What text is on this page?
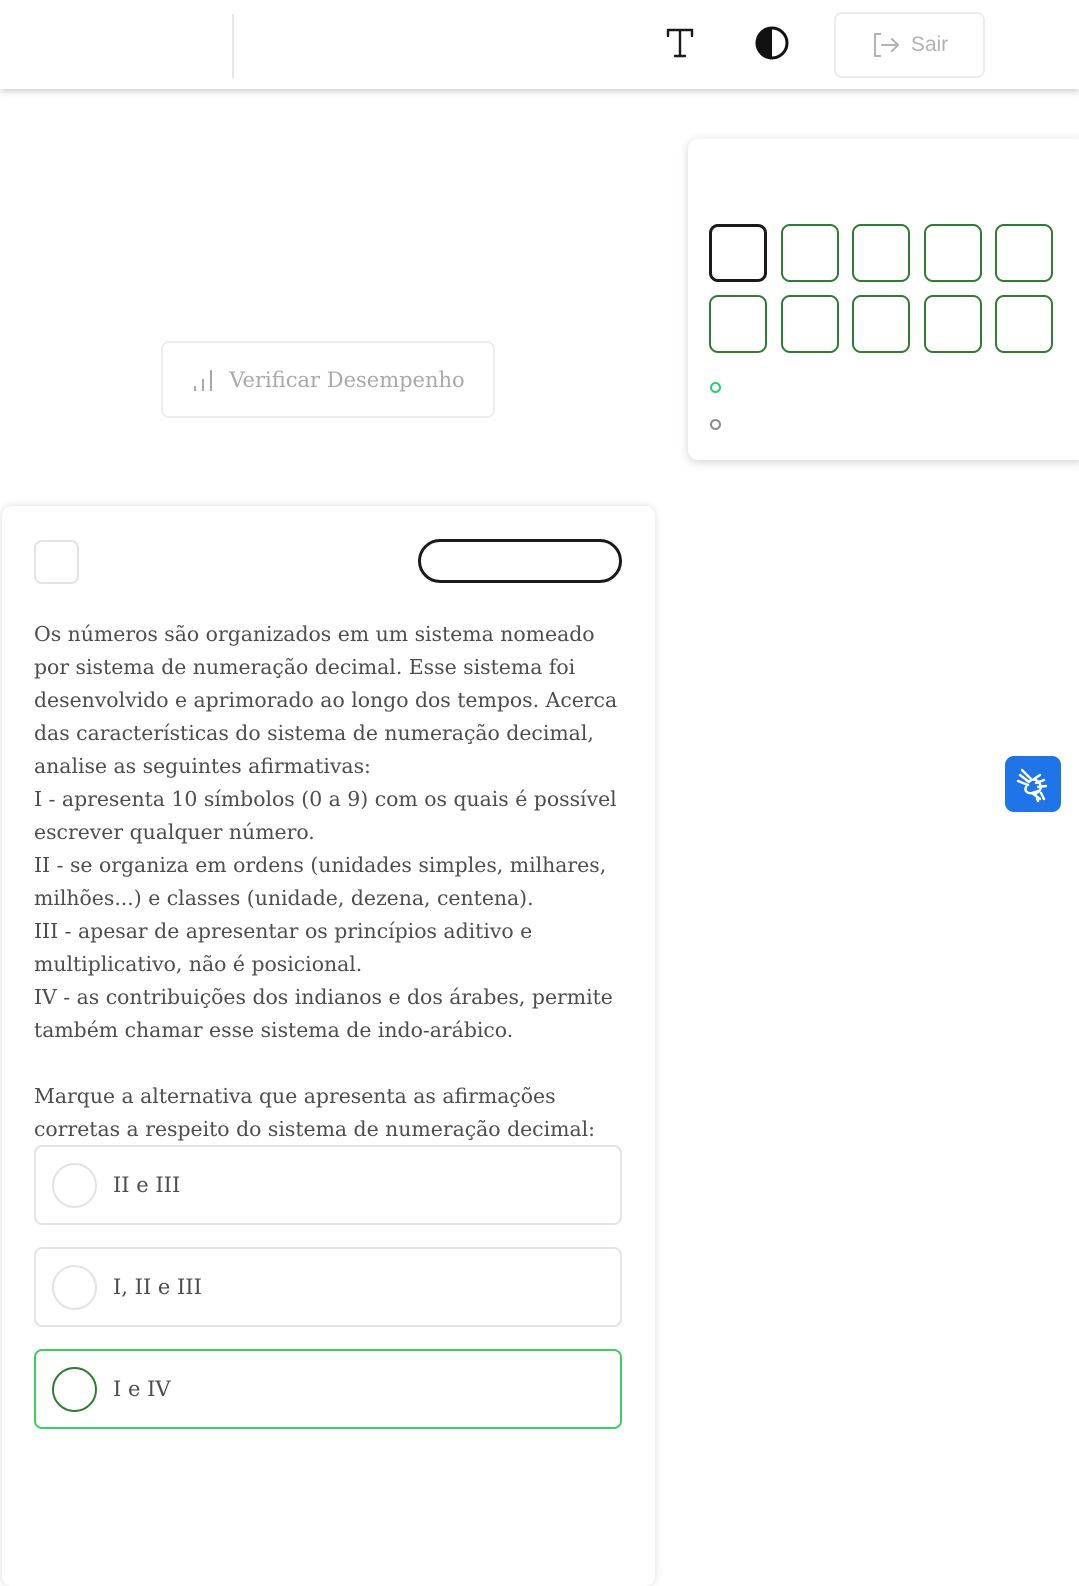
Sair
Verificar Desempenho

Os números são organizados em um sistema nomeado por sistema de numeração decimal. Esse sistema foi desenvolvido e aprimorado ao longo dos tempos. Acerca das características do sistema de numeração decimal, analise as seguintes afirmativas:

I - apresenta 10 símbolos (0 a 9) com os quais é possível escrever qualquer número.

II - se organiza em ordens (unidades simples, milhares, milhões...) e classes (unidade, dezena, centena).

III - apesar de apresentar os princípios aditivo e multiplicativo, não é posicional.

IV - as contribuições dos indianos e dos árabes, permite também chamar esse sistema de indo-arábico.

Marque a alternativa que apresenta as afirmações corretas a respeito do sistema de numeração decimal:

II e III
I, II e III
I e IV
